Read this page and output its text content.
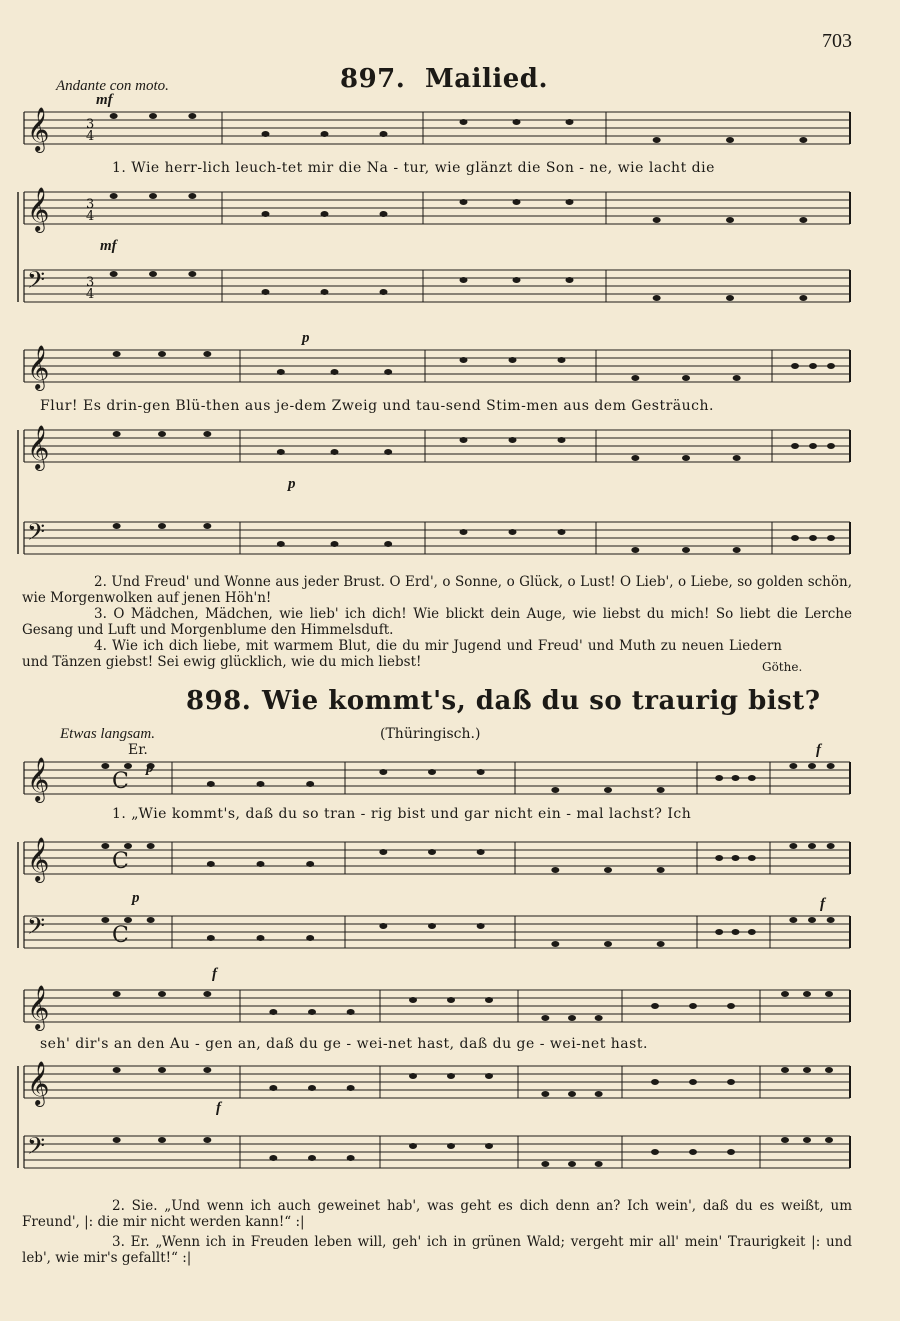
703
Andante con moto.	897. Mailied.
mf
mf
p
p
𝄞
𝄞
𝄢
𝄞
𝄞
𝄢
3
4
3
4
3
4
𝄞
𝄞
𝄢
C
C
C
𝄞
𝄞
𝄢
1. Wie herr-lich leuch-tet mir die Na - tur, wie glänzt die Son - ne, wie lacht die
Flur! Es drin-gen Blü-then aus je-dem Zweig und tau-send Stim-men aus dem Gesträuch.
2. Und Freud' und Wonne aus jeder Brust. O Erd', o Sonne, o Glück, o Lust! O Lieb', o Liebe, so golden schön, wie Morgenwolken auf jenen Höh'n!
3. O Mädchen, Mädchen, wie lieb' ich dich! Wie blickt dein Auge, wie liebst du mich! So liebt die Lerche Gesang und Luft und Morgenblume den Himmelsduft.
4. Wie ich dich liebe, mit warmem Blut, die du mir Jugend und Freud' und Muth zu neuen Liedern und Tänzen giebst! Sei ewig glücklich, wie du mich liebst!	Göthe.
898. Wie kommt's, daß du so traurig bist?
Etwas langsam.	(Thüringisch.)
Er.
p
f
p	f
f
f
1. „Wie kommt's, daß du so tran - rig bist und gar nicht ein - mal lachst? Ich
seh' dir's an den Au - gen an, daß du ge - wei-net hast, daß du ge - wei-net hast.
2. Sie. „Und wenn ich auch geweinet hab', was geht es dich denn an? Ich wein', daß du es weißt, um Freund', |: die mir nicht werden kann!“ :|
3. Er. „Wenn ich in Freuden leben will, geh' ich in grünen Wald; vergeht mir all' mein' Traurigkeit |: und leb', wie mir's gefallt!“ :|
